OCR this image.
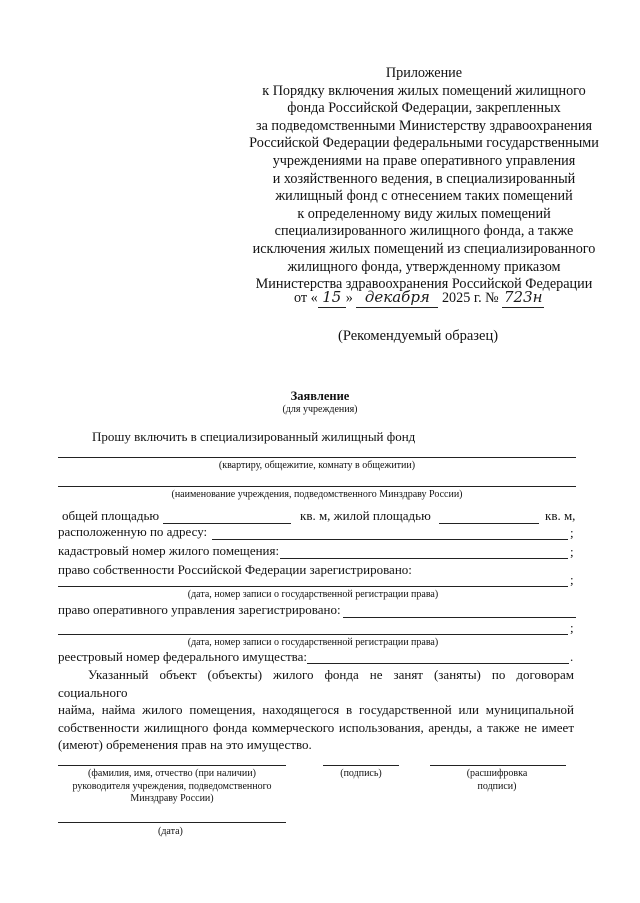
Приложение
к Порядку включения жилых помещений жилищного
фонда Российской Федерации, закрепленных
за подведомственными Министерству здравоохранения
Российской Федерации федеральными государственными
учреждениями на праве оперативного управления
и хозяйственного ведения, в специализированный
жилищный фонд с отнесением таких помещений
к определенному виду жилых помещений
специализированного жилищного фонда, а также
исключения жилых помещений из специализированного
жилищного фонда, утвержденному приказом
Министерства здравоохранения Российской Федерации
от « 15 » декабря 2025 г. № 723н
(Рекомендуемый образец)
Заявление
(для учреждения)
Прошу включить в специализированный жилищный фонд
(квартиру, общежитие, комнату в общежитии)
(наименование учреждения, подведомственного Минздраву России)
общей площадью	кв. м, жилой площадью	кв. м,
расположенную по адресу:	;
кадастровый номер жилого помещения:	;
право собственности Российской Федерации зарегистрировано:
;
(дата, номер записи о государственной регистрации права)
право оперативного управления зарегистрировано:
;
(дата, номер записи о государственной регистрации права)
реестровый номер федерального имущества:	.
Указанный объект (объекты) жилого фонда не занят (заняты) по договорам социального
найма, найма жилого помещения, находящегося в государственной или муниципальной
собственности жилищного фонда коммерческого использования, аренды, а также не имеет
(имеют) обременения прав на это имущество.
(фамилия, имя, отчество (при наличии)
руководителя учреждения, подведомственного
Минздраву России)
(подпись)	(расшифровка
подписи)
(дата)
